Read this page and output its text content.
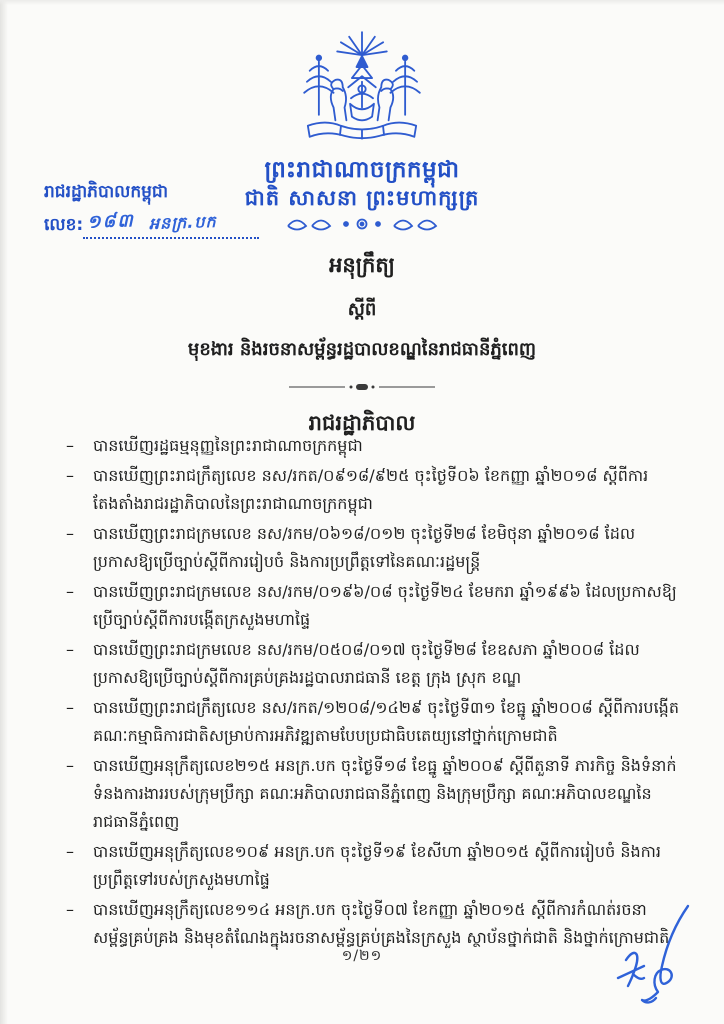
ព្រះរាជាណាចក្រកម្ពុជា
ជាតិ សាសនា ព្រះមហាក្សត្រ
រាជរដ្ឋាភិបាលកម្ពុជា
លេខ: ១៨៣ អនក្រ.បក
អនុក្រឹត្យ
ស្តីពី
មុខងារ និងរចនាសម្ព័ន្ធរដ្ឋបាលខណ្ឌនៃរាជធានីភ្នំពេញ
រាជរដ្ឋាភិបាល
–	បានឃើញរដ្ឋធម្មនុញ្ញនៃព្រះរាជាណាចក្រកម្ពុជា
–	បានឃើញព្រះរាជក្រឹត្យលេខ នស/រកត/០៩១៨/៩២៥ ចុះថ្ងៃទី០៦ ខែកញ្ញា ឆ្នាំ២០១៨ ស្តីពីការតែងតាំងរាជរដ្ឋាភិបាលនៃព្រះរាជាណាចក្រកម្ពុជា
–	បានឃើញព្រះរាជក្រមលេខ នស/រកម/០៦១៨/០១២ ចុះថ្ងៃទី២៨ ខែមិថុនា ឆ្នាំ២០១៨ ដែលប្រកាសឱ្យប្រើច្បាប់ស្តីពីការរៀបចំ និងការប្រព្រឹត្តទៅនៃគណៈរដ្ឋមន្ត្រី
–	បានឃើញព្រះរាជក្រមលេខ នស/រកម/០១៩៦/០៨ ចុះថ្ងៃទី២៤ ខែមករា ឆ្នាំ១៩៩៦ ដែលប្រកាសឱ្យប្រើច្បាប់ស្តីពីការបង្កើតក្រសួងមហាផ្ទៃ
–	បានឃើញព្រះរាជក្រមលេខ នស/រកម/០៥០៨/០១៧ ចុះថ្ងៃទី២៨ ខែឧសភា ឆ្នាំ២០០៨ ដែលប្រកាសឱ្យប្រើច្បាប់ស្តីពីការគ្រប់គ្រងរដ្ឋបាលរាជធានី ខេត្ត ក្រុង ស្រុក ខណ្ឌ
–	បានឃើញព្រះរាជក្រឹត្យលេខ នស/រកត/១២០៨/១៤២៩ ចុះថ្ងៃទី៣១ ខែធ្នូ ឆ្នាំ២០០៨ ស្តីពីការបង្កើតគណៈកម្មាធិការជាតិសម្រាប់ការអភិវឌ្ឍតាមបែបប្រជាធិបតេយ្យនៅថ្នាក់ក្រោមជាតិ
–	បានឃើញអនុក្រឹត្យលេខ២១៥ អនក្រ.បក ចុះថ្ងៃទី១៨ ខែធ្នូ ឆ្នាំ២០០៩ ស្តីពីតួនាទី ភារកិច្ច និងទំនាក់ទំនងការងាររបស់ក្រុមប្រឹក្សា គណៈអភិបាលរាជធានីភ្នំពេញ និងក្រុមប្រឹក្សា គណៈអភិបាលខណ្ឌនៃរាជធានីភ្នំពេញ
–	បានឃើញអនុក្រឹត្យលេខ១០៩ អនក្រ.បក ចុះថ្ងៃទី១៩ ខែសីហា ឆ្នាំ២០១៥ ស្តីពីការរៀបចំ និងការប្រព្រឹត្តទៅរបស់ក្រសួងមហាផ្ទៃ
–	បានឃើញអនុក្រឹត្យលេខ១១៤ អនក្រ.បក ចុះថ្ងៃទី០៧ ខែកញ្ញា ឆ្នាំ២០១៥ ស្តីពីការកំណត់រចនាសម្ព័ន្ធគ្រប់គ្រង និងមុខតំណែងក្នុងរចនាសម្ព័ន្ធគ្រប់គ្រងនៃក្រសួង ស្ថាប័នថ្នាក់ជាតិ និងថ្នាក់ក្រោមជាតិ
១/២១
